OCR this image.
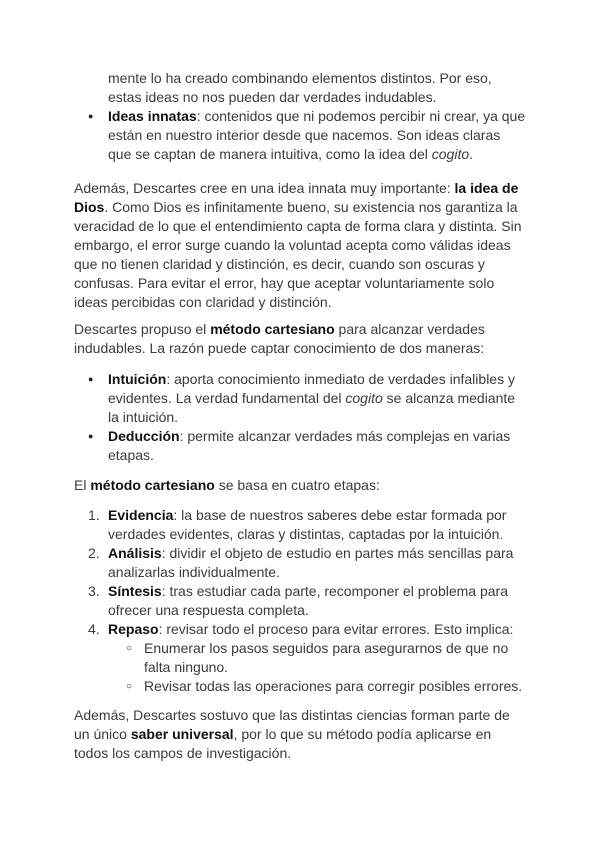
mente lo ha creado combinando elementos distintos. Por eso, estas ideas no nos pueden dar verdades indudables.
● Ideas innatas: contenidos que ni podemos percibir ni crear, ya que están en nuestro interior desde que nacemos. Son ideas claras que se captan de manera intuitiva, como la idea del cogito.

Además, Descartes cree en una idea innata muy importante: la idea de Dios. Como Dios es infinitamente bueno, su existencia nos garantiza la veracidad de lo que el entendimiento capta de forma clara y distinta. Sin embargo, el error surge cuando la voluntad acepta como válidas ideas que no tienen claridad y distinción, es decir, cuando son oscuras y confusas. Para evitar el error, hay que aceptar voluntariamente solo ideas percibidas con claridad y distinción.

Descartes propuso el método cartesiano para alcanzar verdades indudables. La razón puede captar conocimiento de dos maneras:

● Intuición: aporta conocimiento inmediato de verdades infalibles y evidentes. La verdad fundamental del cogito se alcanza mediante la intuición.
● Deducción: permite alcanzar verdades más complejas en varias etapas.

El método cartesiano se basa en cuatro etapas:

1. Evidencia: la base de nuestros saberes debe estar formada por verdades evidentes, claras y distintas, captadas por la intuición.
2. Análisis: dividir el objeto de estudio en partes más sencillas para analizarlas individualmente.
3. Síntesis: tras estudiar cada parte, recomponer el problema para ofrecer una respuesta completa.
4. Repaso: revisar todo el proceso para evitar errores. Esto implica:
○ Enumerar los pasos seguidos para asegurarnos de que no falta ninguno.
○ Revisar todas las operaciones para corregir posibles errores.

Además, Descartes sostuvo que las distintas ciencias forman parte de un único saber universal, por lo que su método podía aplicarse en todos los campos de investigación.
